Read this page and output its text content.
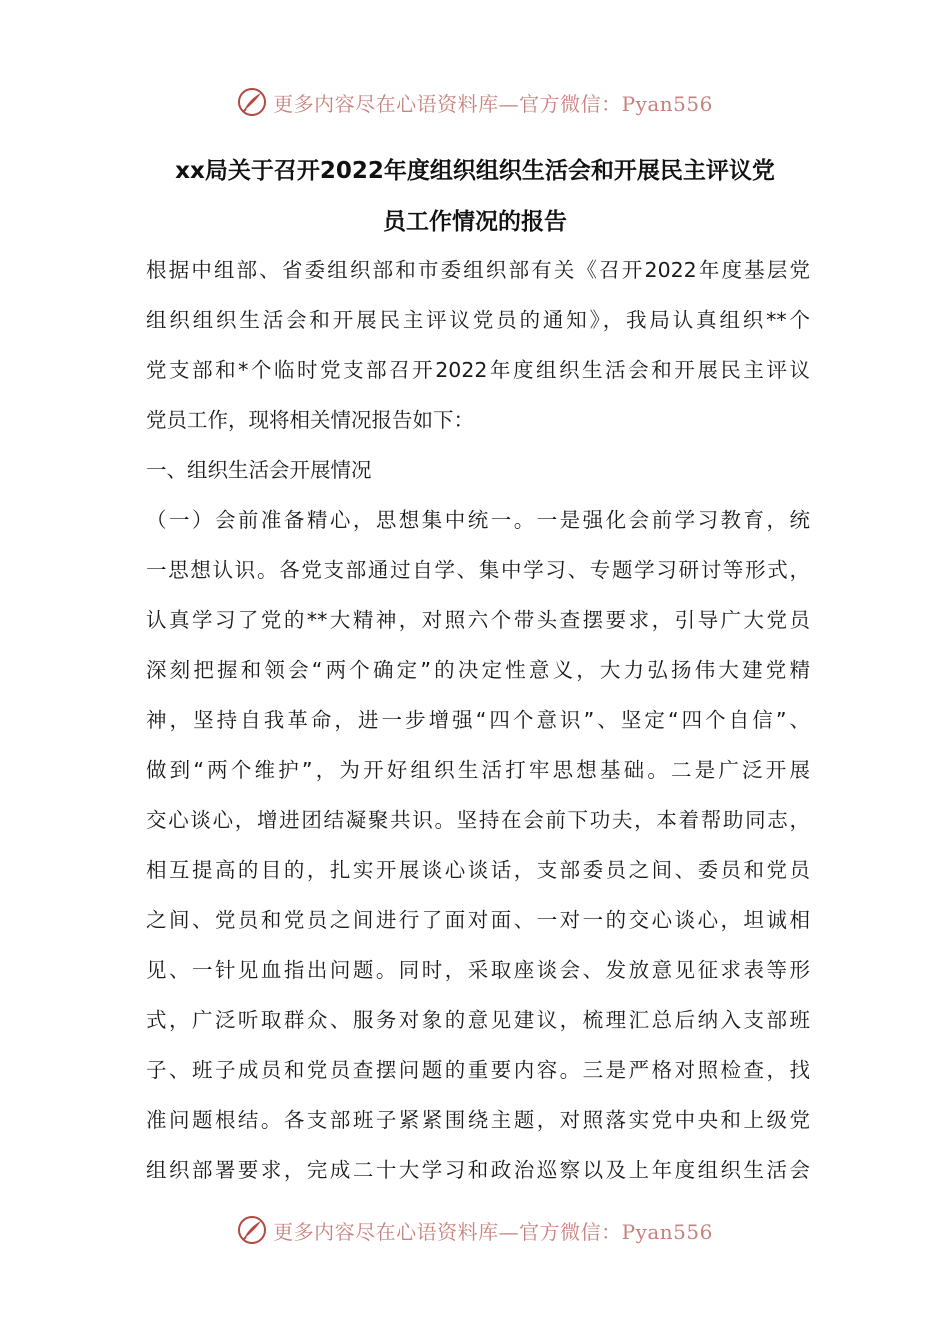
更多内容尽在心语资料库—官方微信：Pyan556
xx局关于召开2022年度组织组织生活会和开展民主评议党
员工作情况的报告
根据中组部、省委组织部和市委组织部有关《召开2022年度基层党
组织组织生活会和开展民主评议党员的通知》，我局认真组织**个
党支部和*个临时党支部召开2022年度组织生活会和开展民主评议
党员工作，现将相关情况报告如下：
一、组织生活会开展情况
（一）会前准备精心，思想集中统一。一是强化会前学习教育，统
一思想认识。各党支部通过自学、集中学习、专题学习研讨等形式，
认真学习了党的**大精神，对照六个带头查摆要求，引导广大党员
深刻把握和领会“两个确定”的决定性意义，大力弘扬伟大建党精
神，坚持自我革命，进一步增强“四个意识”、坚定“四个自信”、
做到“两个维护”，为开好组织生活打牢思想基础。二是广泛开展
交心谈心，增进团结凝聚共识。坚持在会前下功夫，本着帮助同志，
相互提高的目的，扎实开展谈心谈话，支部委员之间、委员和党员
之间、党员和党员之间进行了面对面、一对一的交心谈心，坦诚相
见、一针见血指出问题。同时，采取座谈会、发放意见征求表等形
式，广泛听取群众、服务对象的意见建议，梳理汇总后纳入支部班
子、班子成员和党员查摆问题的重要内容。三是严格对照检查，找
准问题根结。各支部班子紧紧围绕主题，对照落实党中央和上级党
组织部署要求，完成二十大学习和政治巡察以及上年度组织生活会
更多内容尽在心语资料库—官方微信：Pyan556
